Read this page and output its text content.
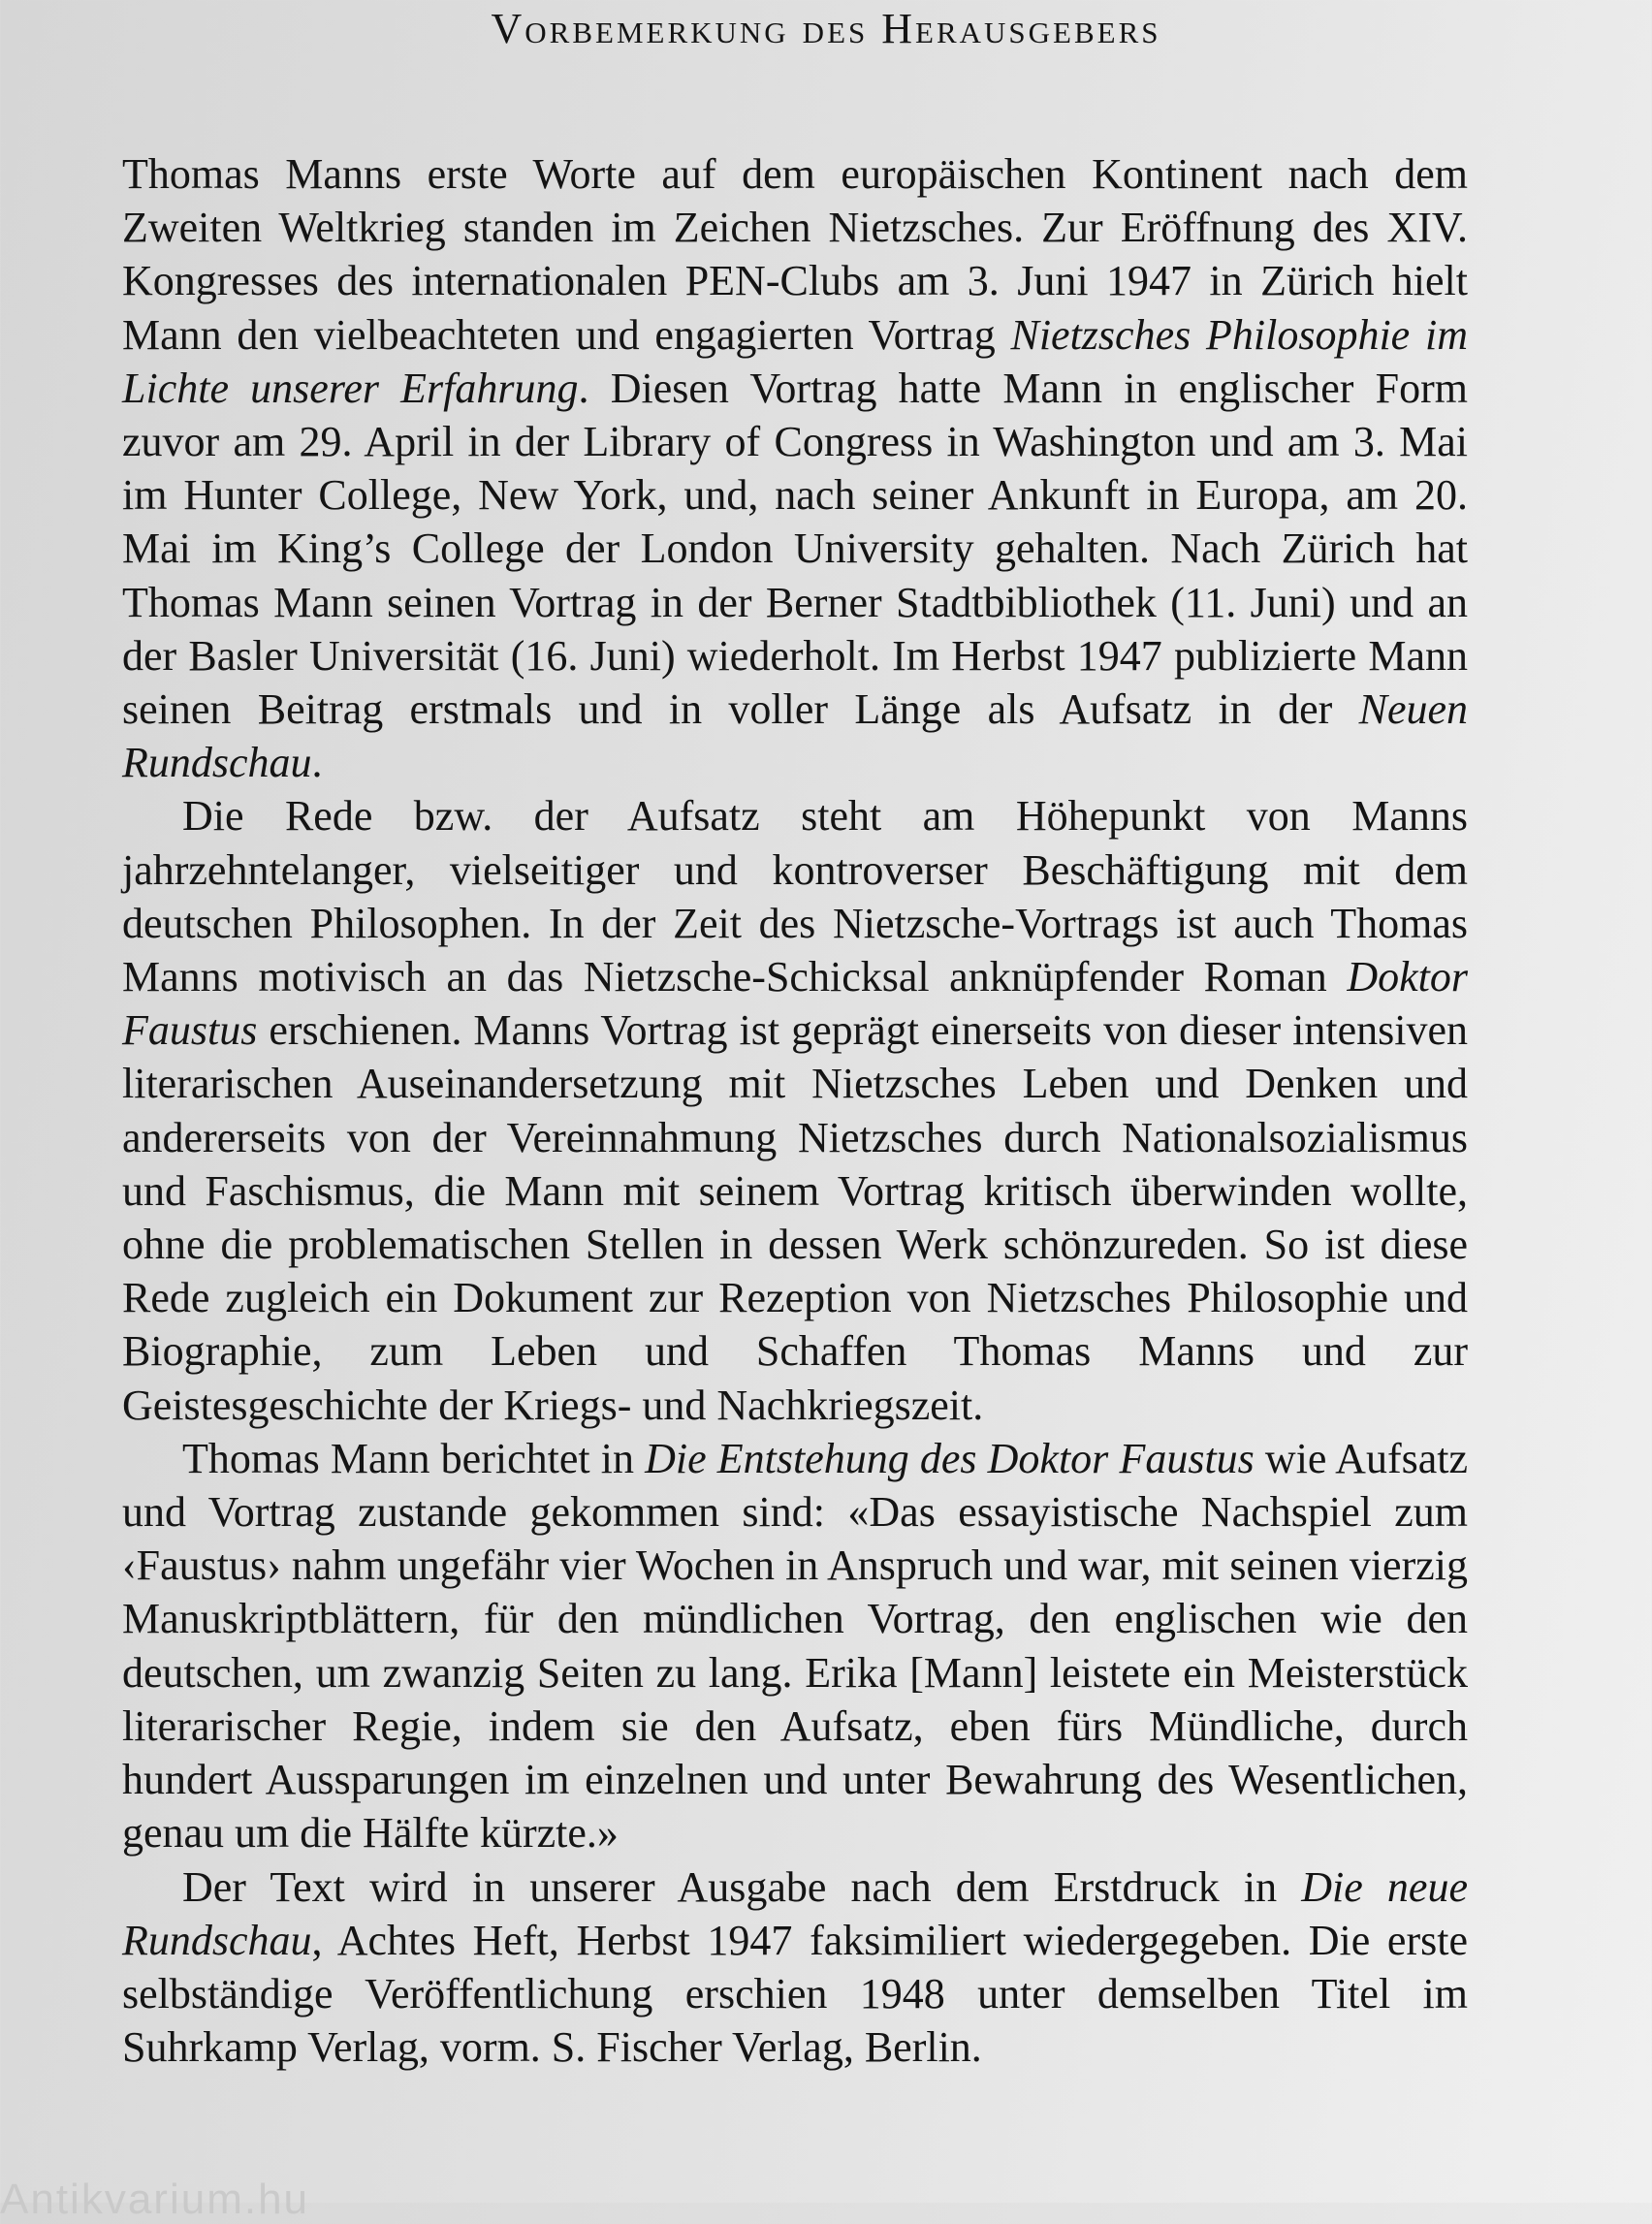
Vorbemerkung des Herausgebers

Thomas Manns erste Worte auf dem europäischen Kontinent nach dem Zweiten Weltkrieg standen im Zeichen Nietzsches. Zur Eröffnung des XIV. Kongresses des internationalen PEN-Clubs am 3. Juni 1947 in Zürich hielt Mann den vielbeachteten und engagierten Vortrag Nietzsches Philosophie im Lichte unserer Erfahrung. Diesen Vortrag hatte Mann in englischer Form zuvor am 29. April in der Library of Congress in Washington und am 3. Mai im Hunter College, New York, und, nach seiner Ankunft in Europa, am 20. Mai im King’s College der London University gehalten. Nach Zürich hat Thomas Mann seinen Vortrag in der Berner Stadtbibliothek (11. Juni) und an der Basler Universität (16. Juni) wiederholt. Im Herbst 1947 publizierte Mann seinen Beitrag erstmals und in voller Länge als Aufsatz in der Neuen Rundschau.

Die Rede bzw. der Aufsatz steht am Höhepunkt von Manns jahrzehntelanger, vielseitiger und kontroverser Beschäftigung mit dem deutschen Philosophen. In der Zeit des Nietzsche-Vortrags ist auch Thomas Manns motivisch an das Nietzsche-Schicksal anknüpfender Roman Doktor Faustus erschienen. Manns Vortrag ist geprägt einerseits von dieser intensiven literarischen Auseinandersetzung mit Nietzsches Leben und Denken und andererseits von der Vereinnahmung Nietzsches durch Nationalsozialismus und Faschismus, die Mann mit seinem Vortrag kritisch überwinden wollte, ohne die problematischen Stellen in dessen Werk schönzureden. So ist diese Rede zugleich ein Dokument zur Rezeption von Nietzsches Philosophie und Biographie, zum Leben und Schaffen Thomas Manns und zur Geistesgeschichte der Kriegs- und Nachkriegszeit.

Thomas Mann berichtet in Die Entstehung des Doktor Faustus wie Aufsatz und Vortrag zustande gekommen sind: «Das essayistische Nachspiel zum ‹Faustus› nahm ungefähr vier Wochen in Anspruch und war, mit seinen vierzig Manuskriptblättern, für den mündlichen Vortrag, den englischen wie den deutschen, um zwanzig Seiten zu lang. Erika [Mann] leistete ein Meisterstück literarischer Regie, indem sie den Aufsatz, eben fürs Mündliche, durch hundert Aussparungen im einzelnen und unter Bewahrung des Wesentlichen, genau um die Hälfte kürzte.»

Der Text wird in unserer Ausgabe nach dem Erstdruck in Die neue Rundschau, Achtes Heft, Herbst 1947 faksimiliert wiedergegeben. Die erste selbständige Veröffentlichung erschien 1948 unter demselben Titel im Suhrkamp Verlag, vorm. S. Fischer Verlag, Berlin.

Antikvarium.hu
